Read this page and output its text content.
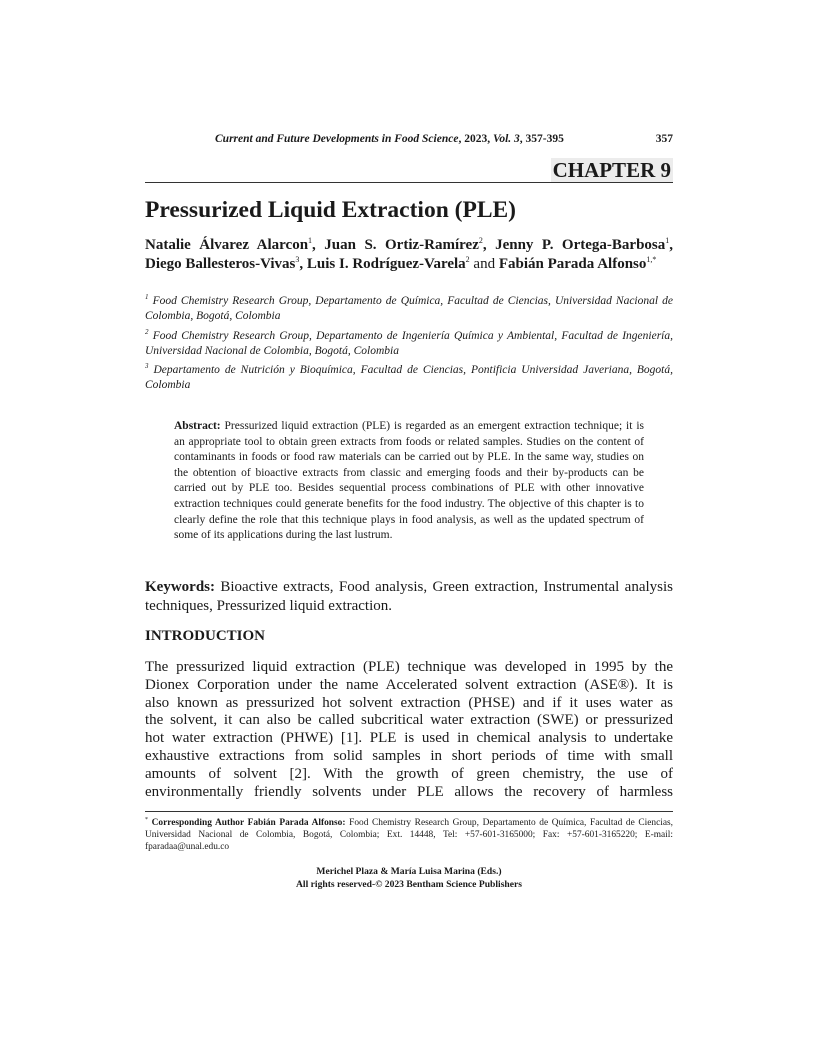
Current and Future Developments in Food Science, 2023, Vol. 3, 357-395	357
CHAPTER 9
Pressurized Liquid Extraction (PLE)
Natalie Álvarez Alarcon$^1$, Juan S. Ortiz-Ramírez$^2$, Jenny P. Ortega-Barbosa$^1$, Diego Ballesteros-Vivas$^3$, Luis I. Rodríguez-Varela$^2$ and Fabián Parada Alfonso$^{1,*}$
$^1$ Food Chemistry Research Group, Departamento de Química, Facultad de Ciencias, Universidad Nacional de Colombia, Bogotá, Colombia
$^2$ Food Chemistry Research Group, Departamento de Ingeniería Química y Ambiental, Facultad de Ingeniería, Universidad Nacional de Colombia, Bogotá, Colombia
$^3$ Departamento de Nutrición y Bioquímica, Facultad de Ciencias, Pontificia Universidad Javeriana, Bogotá, Colombia
Abstract: Pressurized liquid extraction (PLE) is regarded as an emergent extraction technique; it is an appropriate tool to obtain green extracts from foods or related samples. Studies on the content of contaminants in foods or food raw materials can be carried out by PLE. In the same way, studies on the obtention of bioactive extracts from classic and emerging foods and their by-products can be carried out by PLE too. Besides sequential process combinations of PLE with other innovative extraction techniques could generate benefits for the food industry. The objective of this chapter is to clearly define the role that this technique plays in food analysis, as well as the updated spectrum of some of its applications during the last lustrum.
Keywords: Bioactive extracts, Food analysis, Green extraction, Instrumental analysis techniques, Pressurized liquid extraction.
INTRODUCTION
The pressurized liquid extraction (PLE) technique was developed in 1995 by the
Dionex Corporation under the name Accelerated solvent extraction (ASE®). It is
also known as pressurized hot solvent extraction (PHSE) and if it uses water as
the solvent, it can also be called subcritical water extraction (SWE) or pressurized
hot water extraction (PHWE) [1]. PLE is used in chemical analysis to undertake
exhaustive extractions from solid samples in short periods of time with small
amounts of solvent [2]. With the growth of green chemistry, the use of
environmentally friendly solvents under PLE allows the recovery of harmless
* Corresponding Author Fabián Parada Alfonso: Food Chemistry Research Group, Departamento de Química, Facultad de Ciencias, Universidad Nacional de Colombia, Bogotá, Colombia; Ext. 14448, Tel: +57-601-3165000; Fax: +57-601-3165220; E-mail: fparadaa@unal.edu.co
Merichel Plaza & María Luisa Marina (Eds.)
All rights reserved-© 2023 Bentham Science Publishers
